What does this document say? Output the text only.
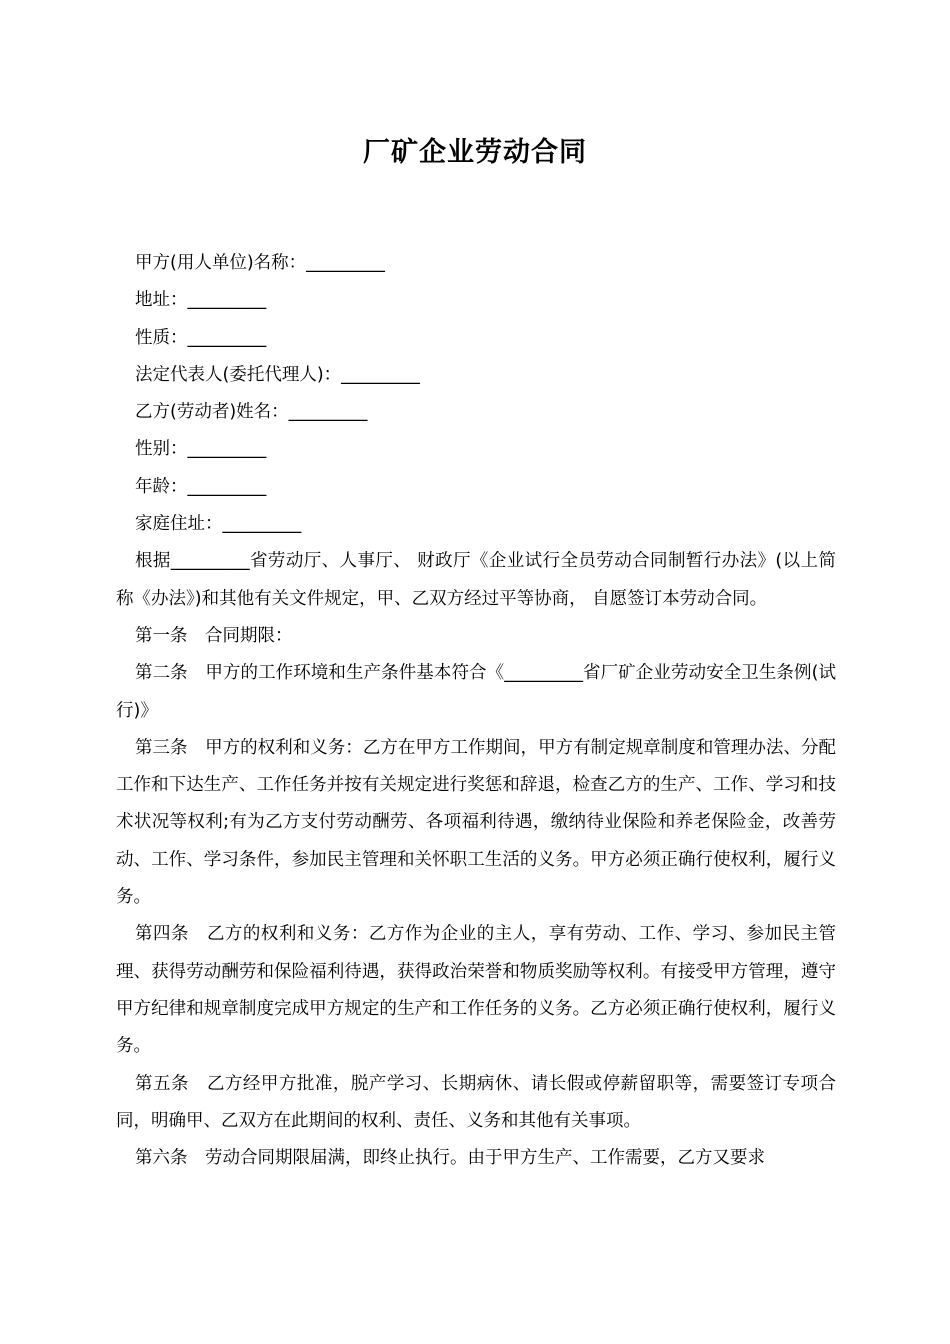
厂矿企业劳动合同
甲方(用人单位)名称：_________
地址：_________
性质：_________
法定代表人(委托代理人)：_________
乙方(劳动者)姓名：_________
性别：_________
年龄：_________
家庭住址：_________

根据_________省劳动厅、人事厅、 财政厅《企业试行全员劳动合同制暂行办法》(以上简称《办法》)和其他有关文件规定，甲、乙双方经过平等协商， 自愿签订本劳动合同。

第一条　合同期限：

第二条　甲方的工作环境和生产条件基本符合《_________省厂矿企业劳动安全卫生条例(试行)》

第三条　甲方的权利和义务：乙方在甲方工作期间，甲方有制定规章制度和管理办法、分配工作和下达生产、工作任务并按有关规定进行奖惩和辞退，检查乙方的生产、工作、学习和技术状况等权利;有为乙方支付劳动酬劳、各项福利待遇，缴纳待业保险和养老保险金，改善劳动、工作、学习条件，参加民主管理和关怀职工生活的义务。甲方必须正确行使权利，履行义务。

第四条　乙方的权利和义务：乙方作为企业的主人，享有劳动、工作、学习、参加民主管理、获得劳动酬劳和保险福利待遇，获得政治荣誉和物质奖励等权利。有接受甲方管理，遵守甲方纪律和规章制度完成甲方规定的生产和工作任务的义务。乙方必须正确行使权利，履行义务。

第五条　乙方经甲方批准，脱产学习、长期病休、请长假或停薪留职等，需要签订专项合同，明确甲、乙双方在此期间的权利、责任、义务和其他有关事项。

第六条　劳动合同期限届满，即终止执行。由于甲方生产、工作需要，乙方又要求
